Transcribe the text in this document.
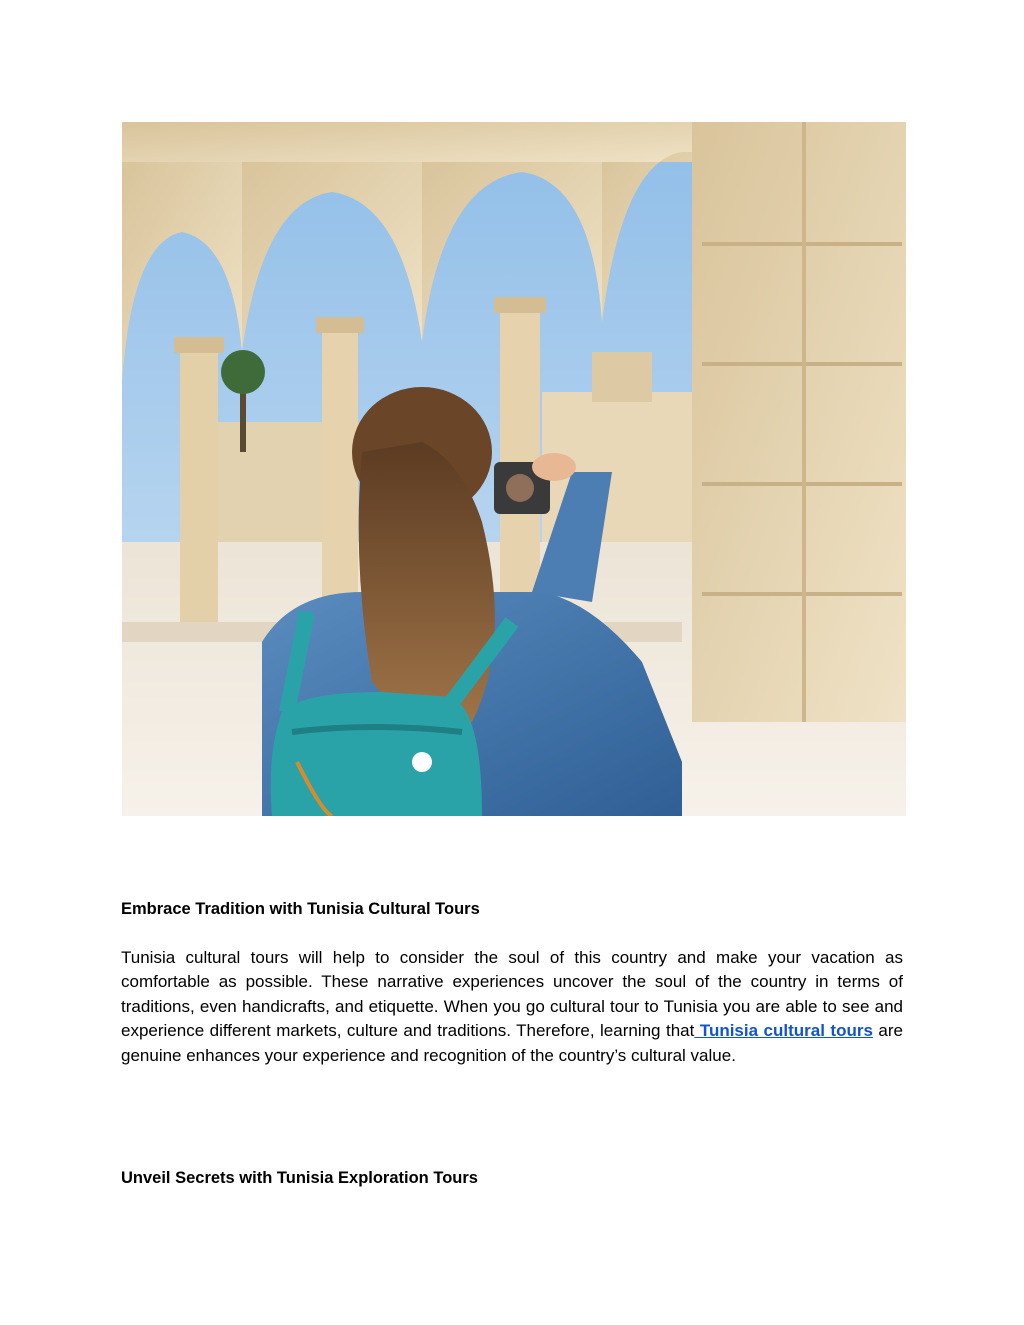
Embrace Tradition with Tunisia Cultural Tours

Tunisia cultural tours will help to consider the soul of this country and make your vacation as comfortable as possible. These narrative experiences uncover the soul of the country in terms of traditions, even handicrafts, and etiquette. When you go cultural tour to Tunisia you are able to see and experience different markets, culture and traditions. Therefore, learning that Tunisia cultural tours are genuine enhances your experience and recognition of the country’s cultural value.

Unveil Secrets with Tunisia Exploration Tours
